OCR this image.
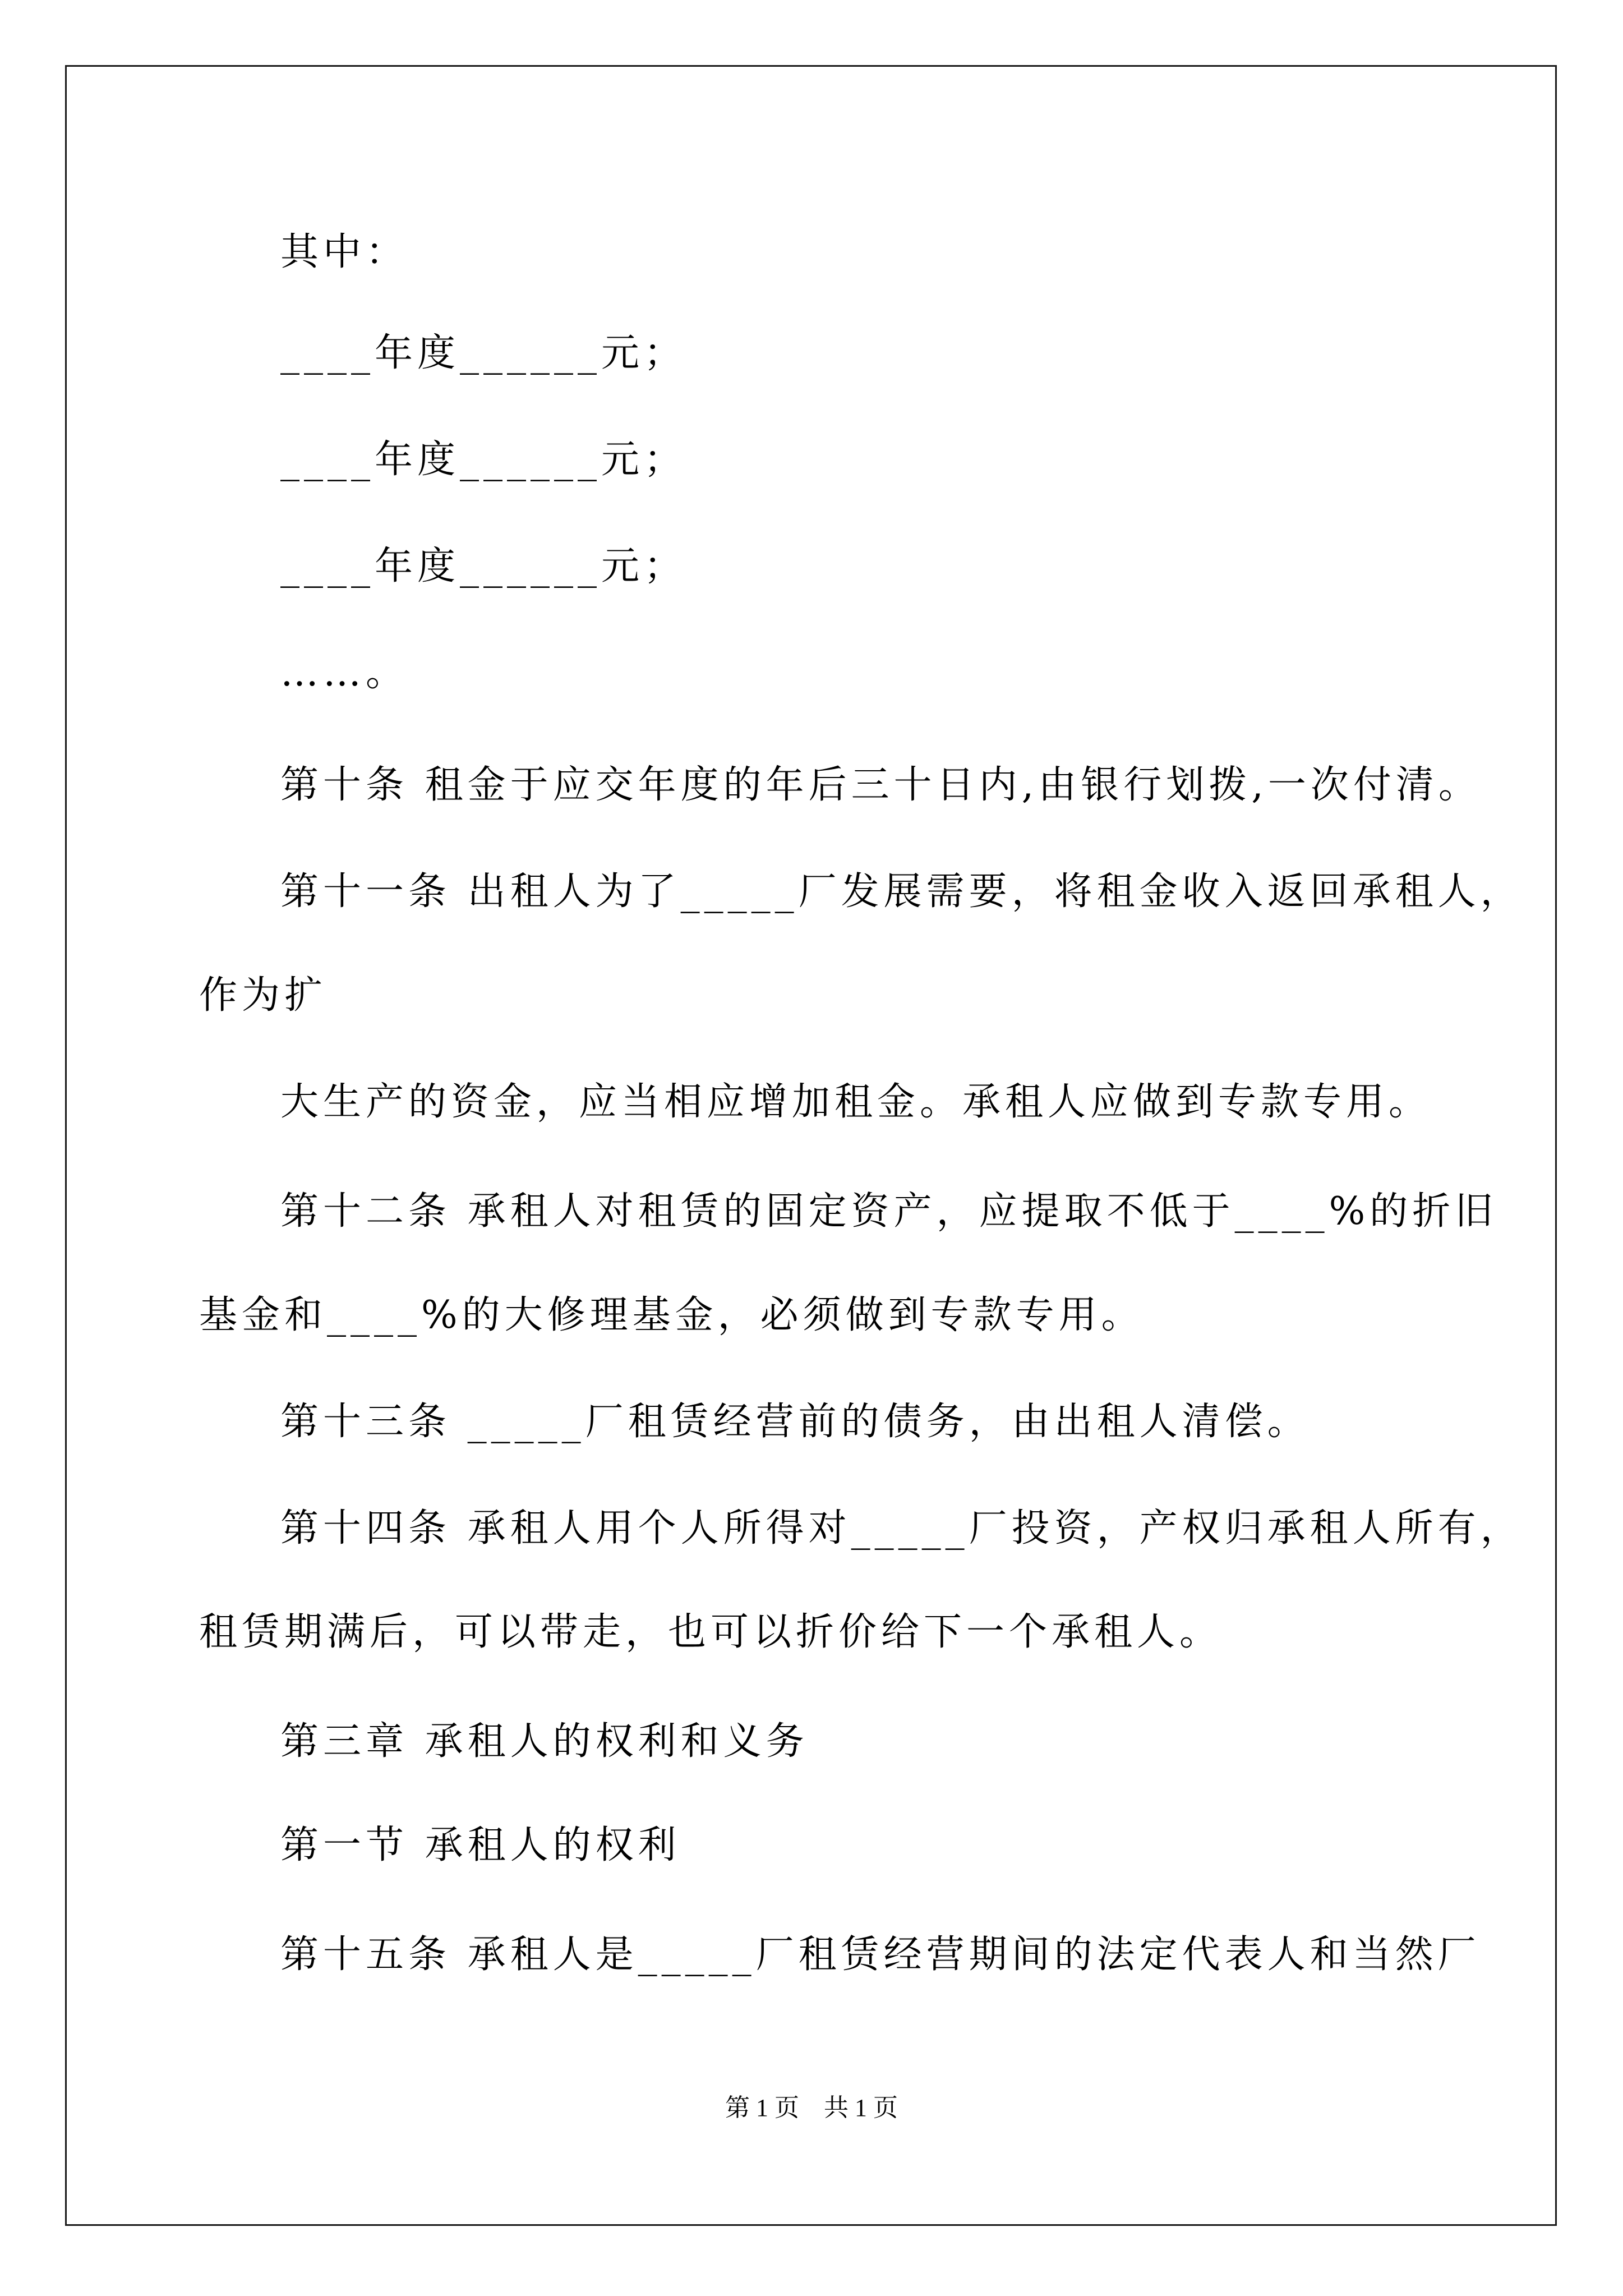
其中：
____年度______元；
____年度______元；
____年度______元；
……。
第十条 租金于应交年度的年后三十日内,由银行划拨,一次付清。
第十一条 出租人为了_____厂发展需要，将租金收入返回承租人，
作为扩
大生产的资金，应当相应增加租金。承租人应做到专款专用。
第十二条 承租人对租赁的固定资产，应提取不低于____%的折旧
基金和____%的大修理基金，必须做到专款专用。
第十三条 _____厂租赁经营前的债务，由出租人清偿。
第十四条 承租人用个人所得对_____厂投资，产权归承租人所有，
租赁期满后，可以带走，也可以折价给下一个承租人。
第三章 承租人的权利和义务
第一节 承租人的权利
第十五条 承租人是_____厂租赁经营期间的法定代表人和当然厂
第 1 页　共 1 页
